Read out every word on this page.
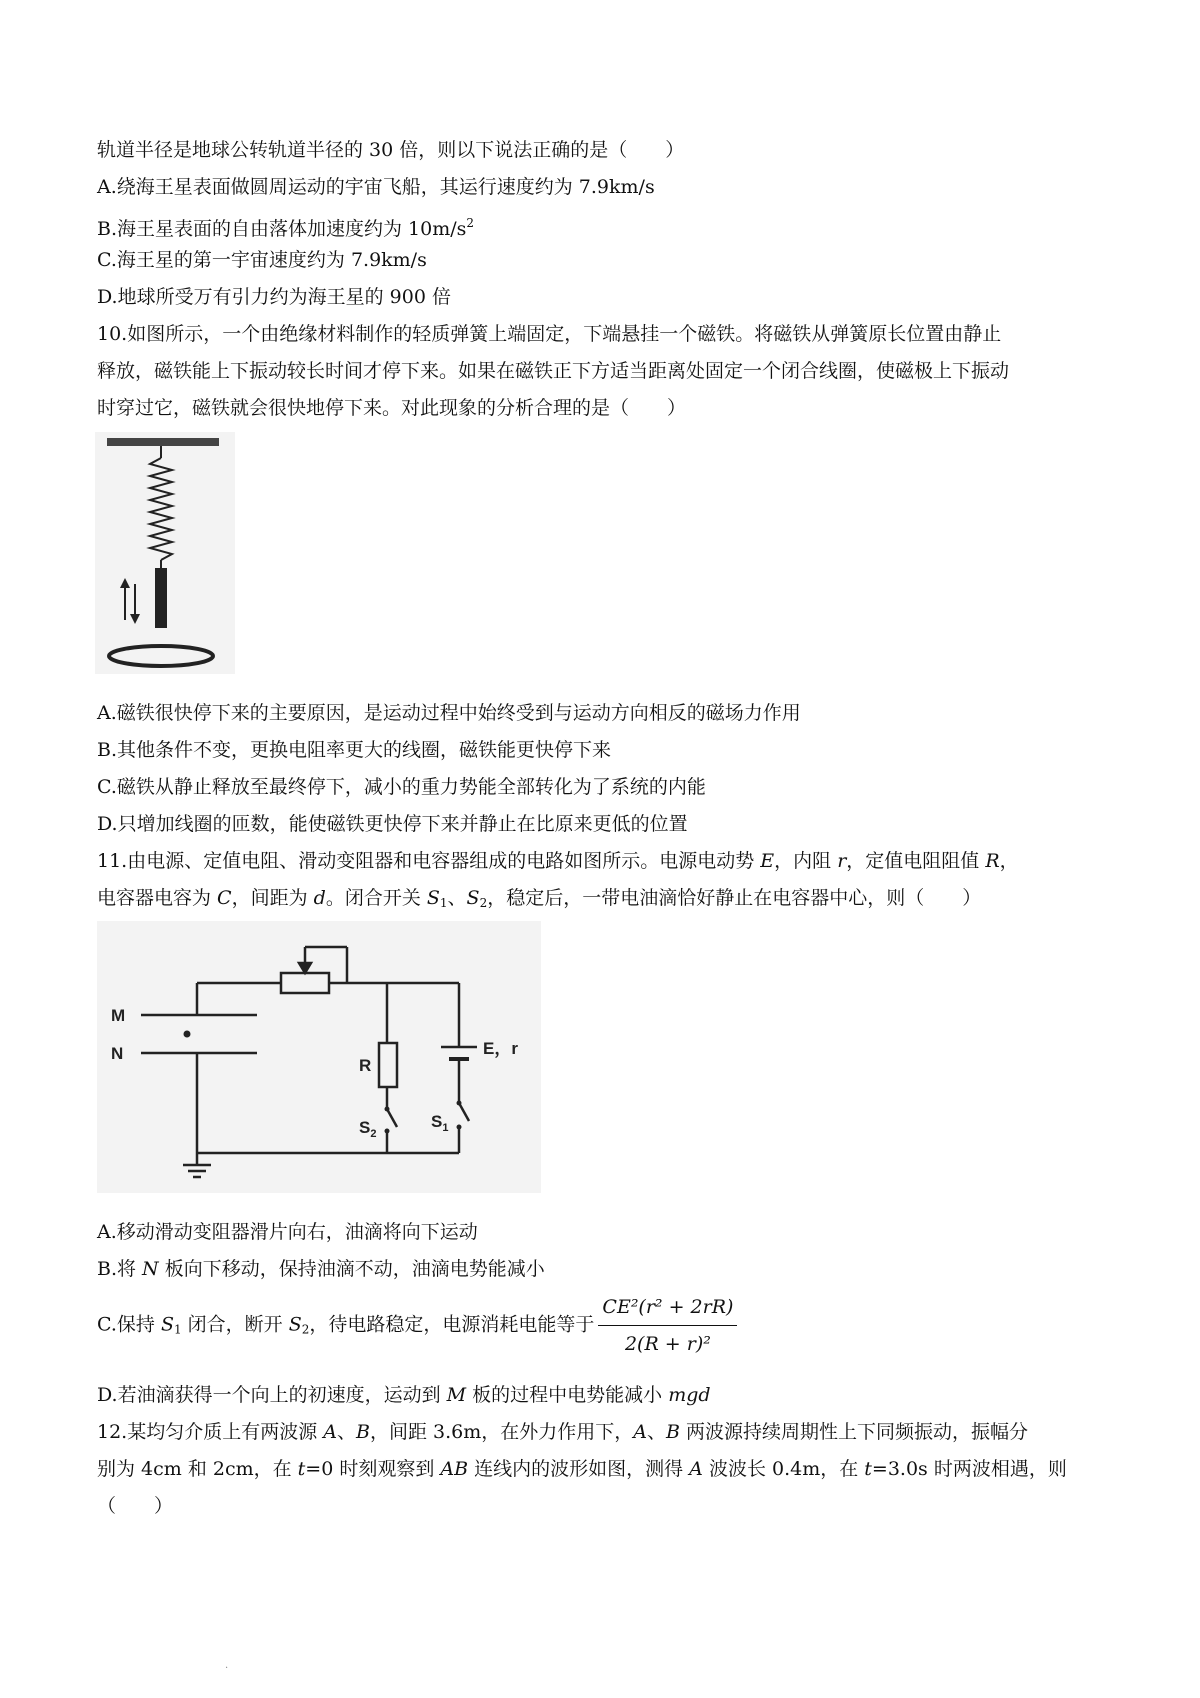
轨道半径是地球公转轨道半径的 30 倍，则以下说法正确的是（　　）
A.绕海王星表面做圆周运动的宇宙飞船，其运行速度约为 7.9km/s
B.海王星表面的自由落体加速度约为 $10m/s^2$
C.海王星的第一宇宙速度约为 7.9km/s
D.地球所受万有引力约为海王星的 900 倍
10.如图所示，一个由绝缘材料制作的轻质弹簧上端固定，下端悬挂一个磁铁。将磁铁从弹簧原长位置由静止
释放，磁铁能上下振动较长时间才停下来。如果在磁铁正下方适当距离处固定一个闭合线圈，使磁极上下振动
时穿过它，磁铁就会很快地停下来。对此现象的分析合理的是（　　）
A.磁铁很快停下来的主要原因，是运动过程中始终受到与运动方向相反的磁场力作用
B.其他条件不变，更换电阻率更大的线圈，磁铁能更快停下来
C.磁铁从静止释放至最终停下，减小的重力势能全部转化为了系统的内能
D.只增加线圈的匝数，能使磁铁更快停下来并静止在比原来更低的位置
11.由电源、定值电阻、滑动变阻器和电容器组成的电路如图所示。电源电动势 E，内阻 r，定值电阻阻值 R，
电容器电容为 C，间距为 d。闭合开关 $S_1$、$S_2$，稳定后，一带电油滴恰好静止在电容器中心，则（　　）
M
N
R
E，r
$S_2$
$S_1$
A.移动滑动变阻器滑片向右，油滴将向下运动
B.将 N 板向下移动，保持油滴不动，油滴电势能减小
C.保持 $S_1$ 闭合，断开 $S_2$，待电路稳定，电源消耗电能等于 $\frac{\text{CE²(r² + 2rR)}}{\text{2(R + r)²}}$
D.若油滴获得一个向上的初速度，运动到 M 板的过程中电势能减小 mgd
12.某均匀介质上有两波源 A、B，间距 3.6m，在外力作用下，A、B 两波源持续周期性上下同频振动，振幅分
别为 4cm 和 2cm，在 t=0 时刻观察到 AB 连线内的波形如图，测得 A 波波长 0.4m，在 t=3.0s 时两波相遇，则
（　　）
.
